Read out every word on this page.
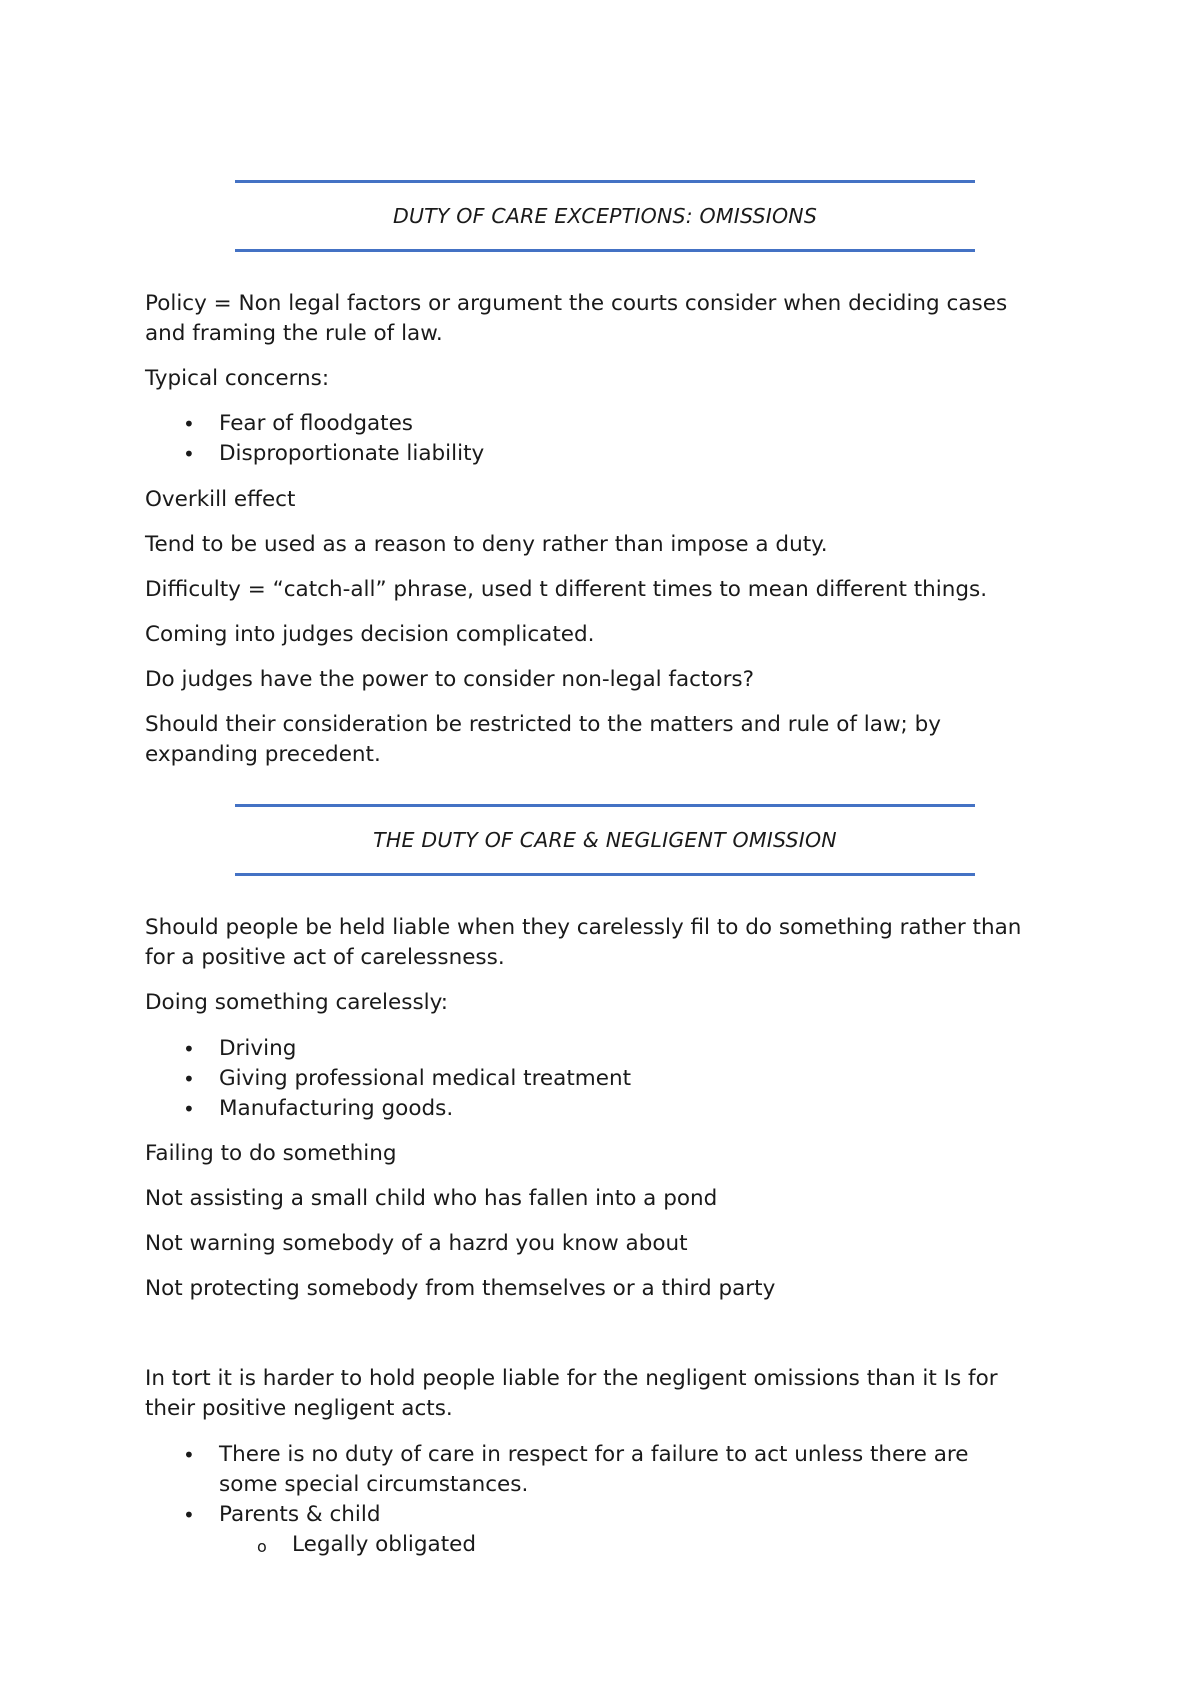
DUTY OF CARE EXCEPTIONS: OMISSIONS

Policy = Non legal factors or argument the courts consider when deciding cases

and framing the rule of law.

Typical concerns:

• Fear of floodgates
• Disproportionate liability

Overkill effect

Tend to be used as a reason to deny rather than impose a duty.

Difficulty = “catch-all” phrase, used t different times to mean different things.

Coming into judges decision complicated.

Do judges have the power to consider non-legal factors?

Should their consideration be restricted to the matters and rule of law; by

expanding precedent.

THE DUTY OF CARE & NEGLIGENT OMISSION

Should people be held liable when they carelessly fil to do something rather than

for a positive act of carelessness.

Doing something carelessly:

• Driving
• Giving professional medical treatment
• Manufacturing goods.

Failing to do something

Not assisting a small child who has fallen into a pond

Not warning somebody of a hazrd you know about

Not protecting somebody from themselves or a third party

In tort it is harder to hold people liable for the negligent omissions than it Is for

their positive negligent acts.

• There is no duty of care in respect for a failure to act unless there are
some special circumstances.
• Parents & child
o Legally obligated
